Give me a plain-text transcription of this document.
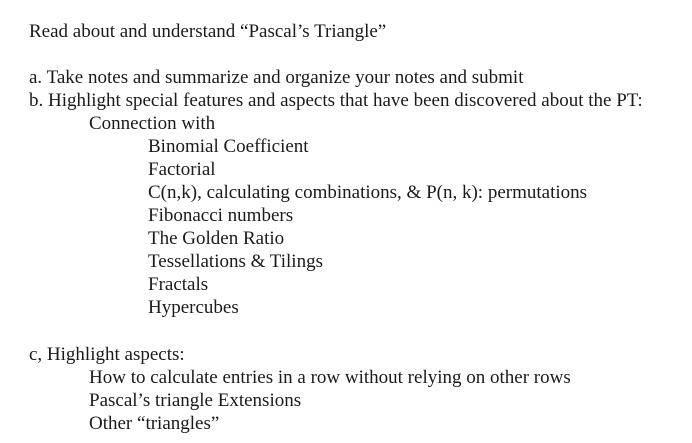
Read about and understand “Pascal’s Triangle”
a. Take notes and summarize and organize your notes and submit
b. Highlight special features and aspects that have been discovered about the PT:
Connection with
Binomial Coefficient
Factorial
C(n,k), calculating combinations, & P(n, k): permutations
Fibonacci numbers
The Golden Ratio
Tessellations & Tilings
Fractals
Hypercubes
c, Highlight aspects:
How to calculate entries in a row without relying on other rows
Pascal’s triangle Extensions
Other “triangles”
